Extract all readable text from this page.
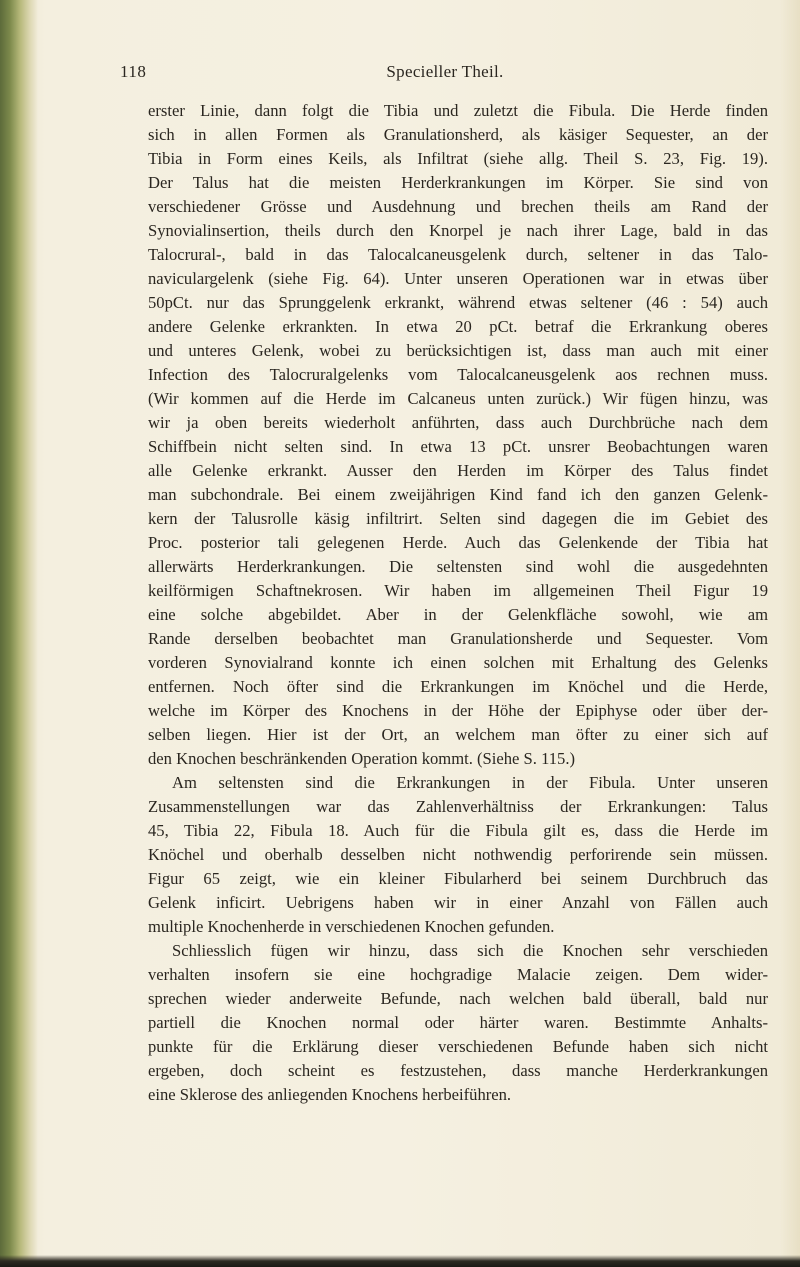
118	Specieller Theil.
erster Linie, dann folgt die Tibia und zuletzt die Fibula. Die Herde finden
sich in allen Formen als Granulationsherd, als käsiger Sequester, an der
Tibia in Form eines Keils, als Infiltrat (siehe allg. Theil S. 23, Fig. 19).
Der Talus hat die meisten Herderkrankungen im Körper. Sie sind von
verschiedener Grösse und Ausdehnung und brechen theils am Rand der
Synovialinsertion, theils durch den Knorpel je nach ihrer Lage, bald in das
Talocrural-, bald in das Talocalcaneusgelenk durch, seltener in das Talo-
naviculargelenk (siehe Fig. 64). Unter unseren Operationen war in etwas über
50pCt. nur das Sprunggelenk erkrankt, während etwas seltener (46 : 54) auch
andere Gelenke erkrankten. In etwa 20 pCt. betraf die Erkrankung oberes
und unteres Gelenk, wobei zu berücksichtigen ist, dass man auch mit einer
Infection des Talocruralgelenks vom Talocalcaneusgelenk aos rechnen muss.
(Wir kommen auf die Herde im Calcaneus unten zurück.) Wir fügen hinzu, was
wir ja oben bereits wiederholt anführten, dass auch Durchbrüche nach dem
Schiffbein nicht selten sind. In etwa 13 pCt. unsrer Beobachtungen waren
alle Gelenke erkrankt. Ausser den Herden im Körper des Talus findet
man subchondrale. Bei einem zweijährigen Kind fand ich den ganzen Gelenk-
kern der Talusrolle käsig infiltrirt. Selten sind dagegen die im Gebiet des
Proc. posterior tali gelegenen Herde. Auch das Gelenkende der Tibia hat
allerwärts Herderkrankungen. Die seltensten sind wohl die ausgedehnten
keilförmigen Schaftnekrosen. Wir haben im allgemeinen Theil Figur 19
eine solche abgebildet. Aber in der Gelenkfläche sowohl, wie am
Rande derselben beobachtet man Granulationsherde und Sequester. Vom
vorderen Synovialrand konnte ich einen solchen mit Erhaltung des Gelenks
entfernen. Noch öfter sind die Erkrankungen im Knöchel und die Herde,
welche im Körper des Knochens in der Höhe der Epiphyse oder über der-
selben liegen. Hier ist der Ort, an welchem man öfter zu einer sich auf
den Knochen beschränkenden Operation kommt. (Siehe S. 115.)
Am seltensten sind die Erkrankungen in der Fibula. Unter unseren
Zusammenstellungen war das Zahlenverhältniss der Erkrankungen: Talus
45, Tibia 22, Fibula 18. Auch für die Fibula gilt es, dass die Herde im
Knöchel und oberhalb desselben nicht nothwendig perforirende sein müssen.
Figur 65 zeigt, wie ein kleiner Fibularherd bei seinem Durchbruch das
Gelenk inficirt. Uebrigens haben wir in einer Anzahl von Fällen auch
multiple Knochenherde in verschiedenen Knochen gefunden.
Schliesslich fügen wir hinzu, dass sich die Knochen sehr verschieden
verhalten insofern sie eine hochgradige Malacie zeigen. Dem wider-
sprechen wieder anderweite Befunde, nach welchen bald überall, bald nur
partiell die Knochen normal oder härter waren. Bestimmte Anhalts-
punkte für die Erklärung dieser verschiedenen Befunde haben sich nicht
ergeben, doch scheint es festzustehen, dass manche Herderkrankungen
eine Sklerose des anliegenden Knochens herbeiführen.
